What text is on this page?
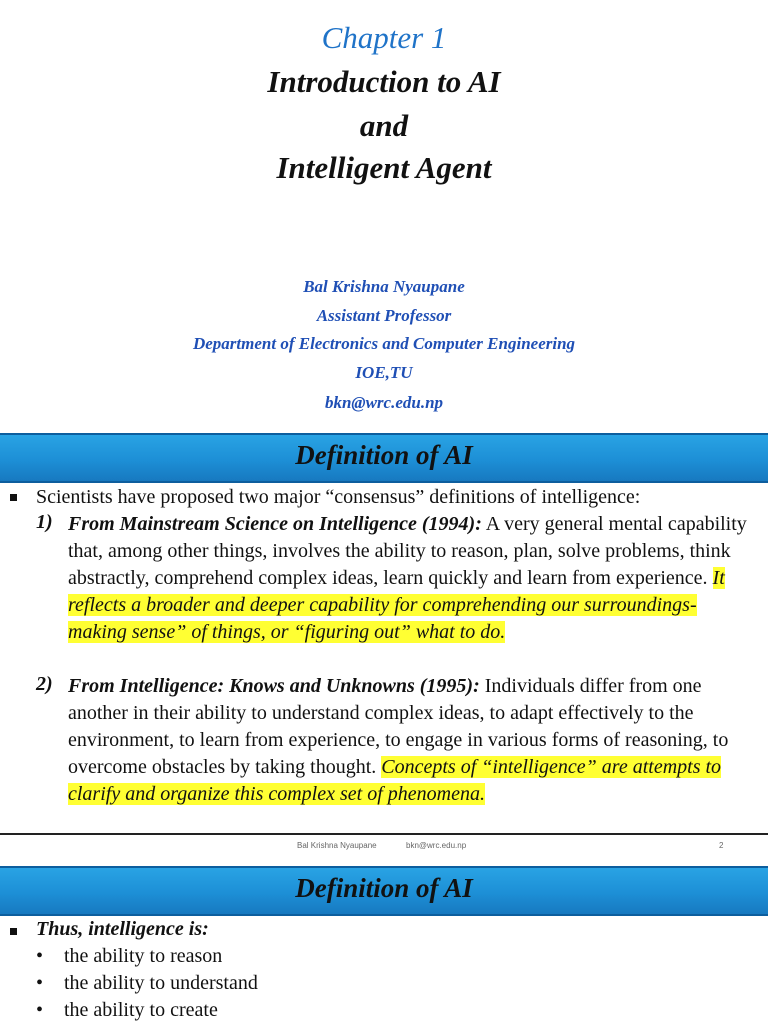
Chapter 1
Introduction to AI
and
Intelligent Agent
Bal Krishna Nyaupane
Assistant Professor
Department of Electronics and Computer Engineering
IOE,TU
bkn@wrc.edu.np
Definition of AI
Scientists have proposed two major “consensus” definitions of intelligence:
1) From Mainstream Science on Intelligence (1994): A very general mental capability that, among other things, involves the ability to reason, plan, solve problems, think abstractly, comprehend complex ideas, learn quickly and learn from experience. It reflects a broader and deeper capability for comprehending our surroundings- making sense” of things, or “figuring out” what to do.
2) From Intelligence: Knows and Unknowns (1995): Individuals differ from one another in their ability to understand complex ideas, to adapt effectively to the environment, to learn from experience, to engage in various forms of reasoning, to overcome obstacles by taking thought. Concepts of “intelligence” are attempts to clarify and organize this complex set of phenomena.
Bal Krishna Nyaupane	bkn@wrc.edu.np	2
Definition of AI
Thus, intelligence is:
• the ability to reason
• the ability to understand
• the ability to create
